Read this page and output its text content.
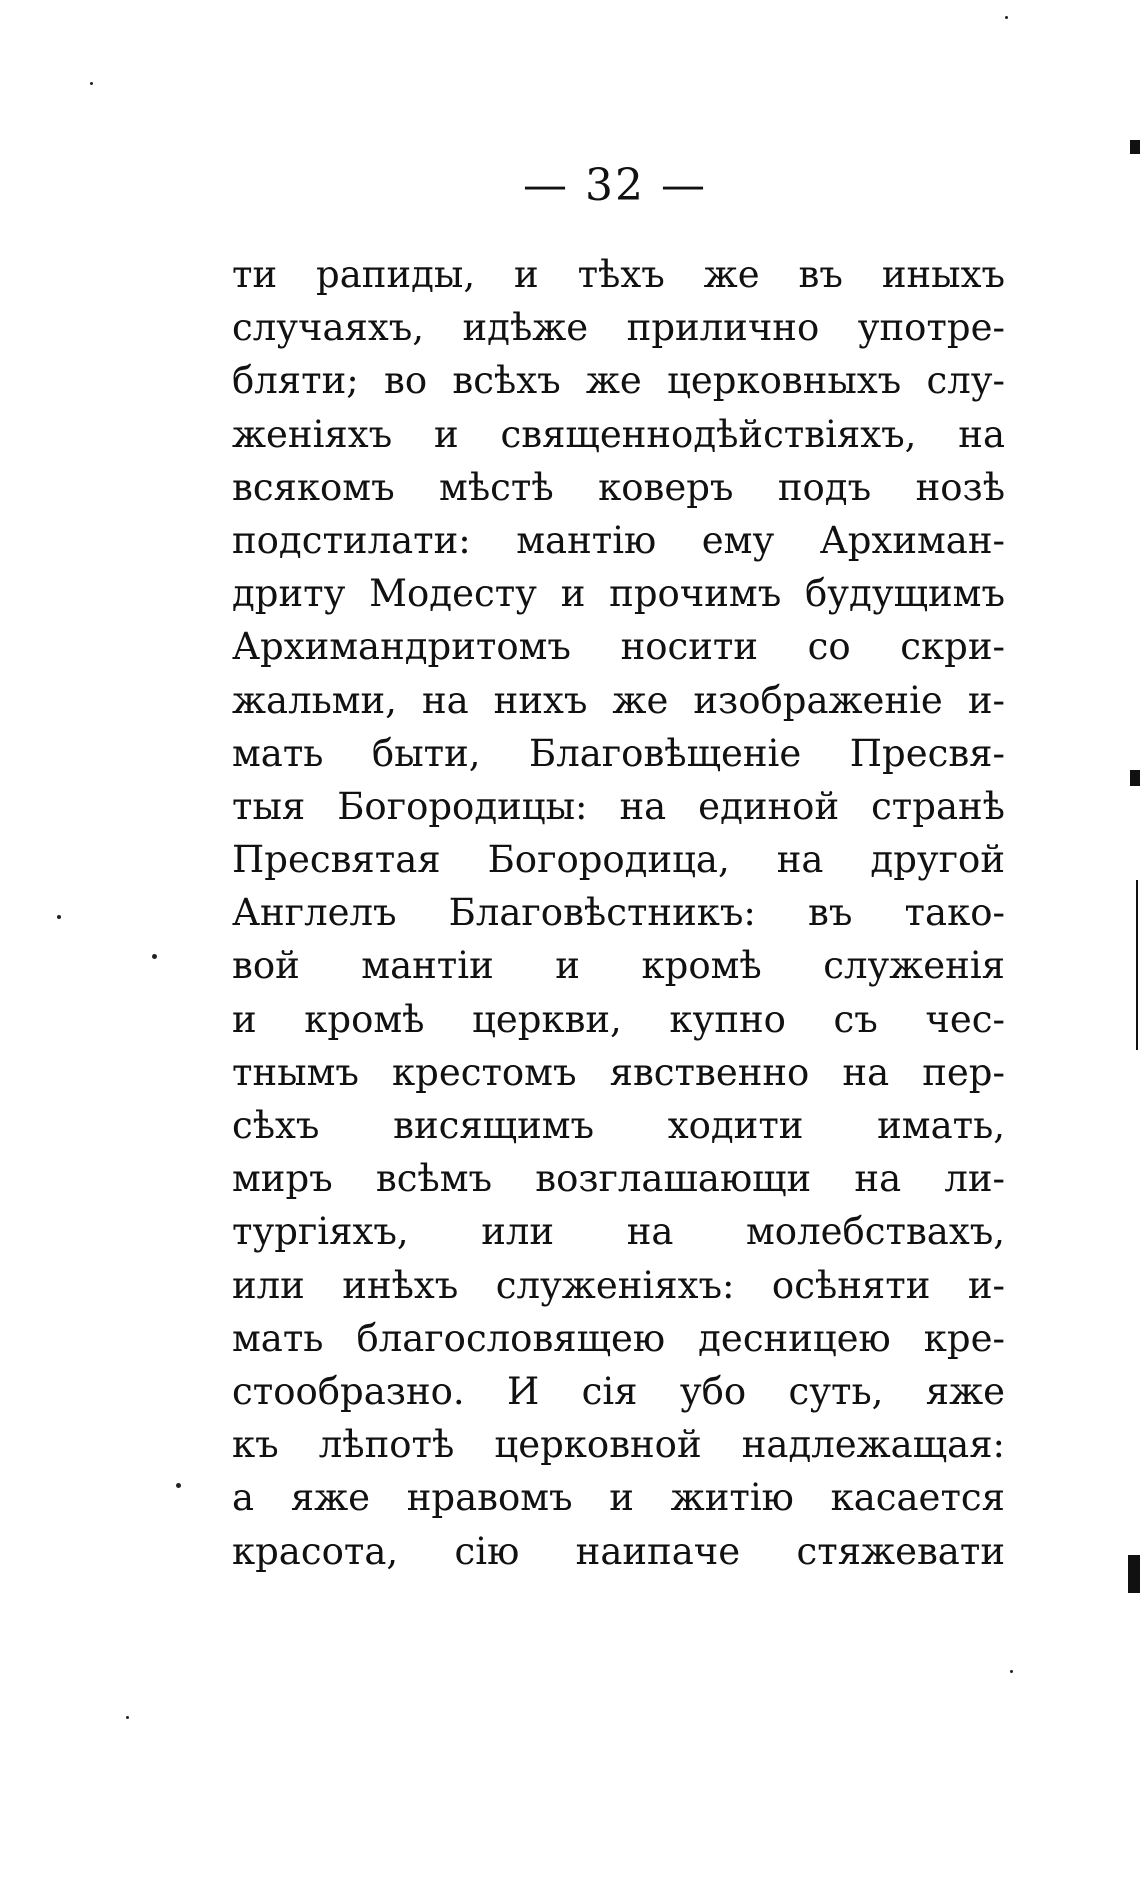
— 32 —
ти рапиды, и тѣхъ же въ иныхъ
случаяхъ, идѣже прилично употре-
бляти; во всѣхъ же церковныхъ слу-
женіяхъ и священнодѣйствіяхъ, на
всякомъ мѣстѣ коверъ подъ нозѣ
подстилати: мантію ему Архиман-
дриту Модесту и прочимъ будущимъ
Архимандритомъ носити со скри-
жальми, на нихъ же изображеніе и-
мать быти, Благовѣщеніе Пресвя-
тыя Богородицы: на единой странѣ
Пресвятая Богородица, на другой
Англелъ Благовѣстникъ: въ тако-
вой мантіи и кромѣ служенія
и кромѣ церкви, купно съ чес-
тнымъ крестомъ явственно на пер-
сѣхъ висящимъ ходити имать,
миръ всѣмъ возглашающи на ли-
тургіяхъ, или на молебствахъ,
или инѣхъ служеніяхъ: осѣняти и-
мать благословящею десницею кре-
стообразно. И сія убо суть, яже
къ лѣпотѣ церковной надлежащая:
а яже нравомъ и житію касается
красота, сію наипаче стяжевати
